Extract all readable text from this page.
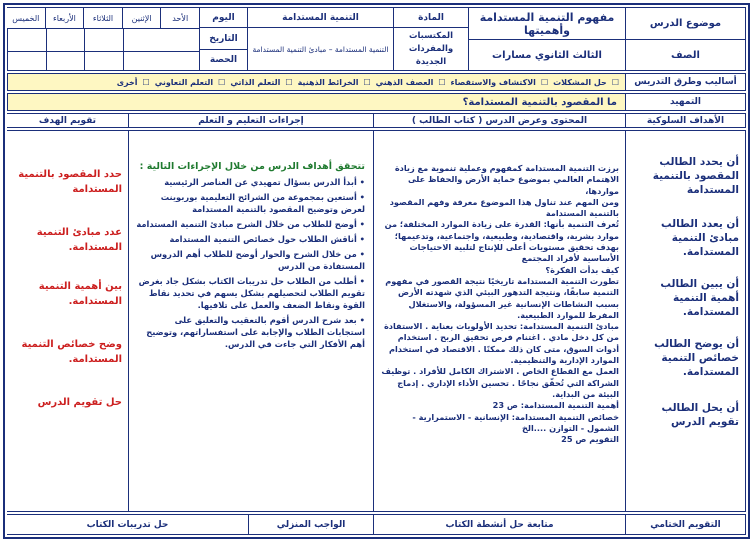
موضوع الدرس
الصف
مفهوم التنمية المستدامة وأهميتها
الثالث الثانوي مسارات
المادة
المكتسبات والمفردات الجديدة
التنمية المستدامة
التنمية المستدامة – مبادئ التنمية المستدامة
اليوم
التاريخ
الحصة
الأحد
الإثنين
الثلاثاء
الأربعاء
الخميس
أساليب وطرق التدريس
☐
حل المشكلات
☐
الاكتشاف والاستقصاء
☐
العصف الذهني
☐
الخرائط الذهنية
☐
التعلم الذاتي
☐
التعلم التعاوني
☐
أخرى
التمهيد
ما المقصود بالتنمية المستدامة؟
الأهداف السلوكية
المحتوى وعرض الدرس ( كتاب الطالب )
إجراءات التعليم و التعلم
تقويم الهدف
أن يحدد الطالب المقصود بالتنمية المستدامة
أن يعدد الطالب مبادئ التنمية المستدامة.
أن يبين الطالب أهمية التنمية المستدامة.
أن يوضح الطالب خصائص التنمية المستدامة.
أن يحل الطالب تقويم الدرس
برزت التنمية المستدامة كمفهوم وعملية تنموية مع زيادة الاهتمام العالمي بموضوع حماية الأرض والحفاظ على مواردها،
ومن المهم عند تناول هذا الموضوع معرفة وفهم المقصود بالتنمية المستدامة
تُعرف التنمية بأنها: القدرة على زيادة الموارد المختلفة؛ من موارد بشرية، واقتصادية، وطبيعية، واجتماعية، وتدعيمها؛ بهدف تحقيق مستويات أعلى للإنتاج لتلبية الاحتياجات الأساسية لأفراد المجتمع
كيف بدأت الفكرة؟
تطورت التنمية المستدامة تاريخيًا نتيجة القصور في مفهوم التنمية سابقًا، ونتيجة التدهور البيئي الذي شهدته الأرض بسبب النشاطات الإنسانية غير المسؤولة، والاستغلال المفرط للموارد الطبيعية.
مبادئ التنمية المستدامة: تحديد الأولويات بعناية . الاستفادة من كل دخل مادي . اغتنام فرص تحقيق الربح . استخدام أدوات السوق، متى كان ذلك ممكنًا . الاقتصاد في استخدام الموارد الإدارية والتنظيمية.
العمل مع القطاع الخاص . الاشتراك الكامل للأفراد . توظيف الشراكة التي تُحقّق نجاحًا . تحسين الأداء الإداري . إدماج البيئة من البداية.
أهمية التنمية المستدامة: ص 23
خصائص التنمية المستدامة: الإنسانية - الاستمرارية - الشمول - التوازن ....الخ
التقويم ص 25
تتحقق أهداف الدرس من خلال الإجراءات التالية :
• أبدأ الدرس بسؤال تمهيدي عن العناصر الرئيسية
• أستعين بمجموعة من الشرائح التعليمية بوربوينت لعرض وتوضيح المقصود بالتنمية المستدامة
• أوضح للطلاب من خلال الشرح مبادئ التنمية المستدامة
• أناقش الطلاب حول خصائص التنمية المستدامة
• من خلال الشرح والحوار أوضح للطلاب أهم الدروس المستفادة من الدرس
• أطلب من الطلاب حل تدريبات الكتاب بشكل جاد بغرض تقويم الطلاب لتحصيلهم بشكل يسهم في تحديد نقاط القوة ونقاط الضعف والعمل على تلافيها.
• بعد شرح الدرس أقوم بالتعقيب والتعليق على استجابات الطلاب والإجابة على استفساراتهم، وتوضيح أهم الأفكار التي جاءت في الدرس.
حدد المقصود بالتنمية المستدامة
عدد مبادئ التنمية المستدامة.
بين أهمية التنمية المستدامة.
وضح خصائص التنمية المستدامة.
حل تقويم الدرس
التقويم الختامي
متابعة حل أنشطة الكتاب
الواجب المنزلي
حل تدريبات الكتاب
